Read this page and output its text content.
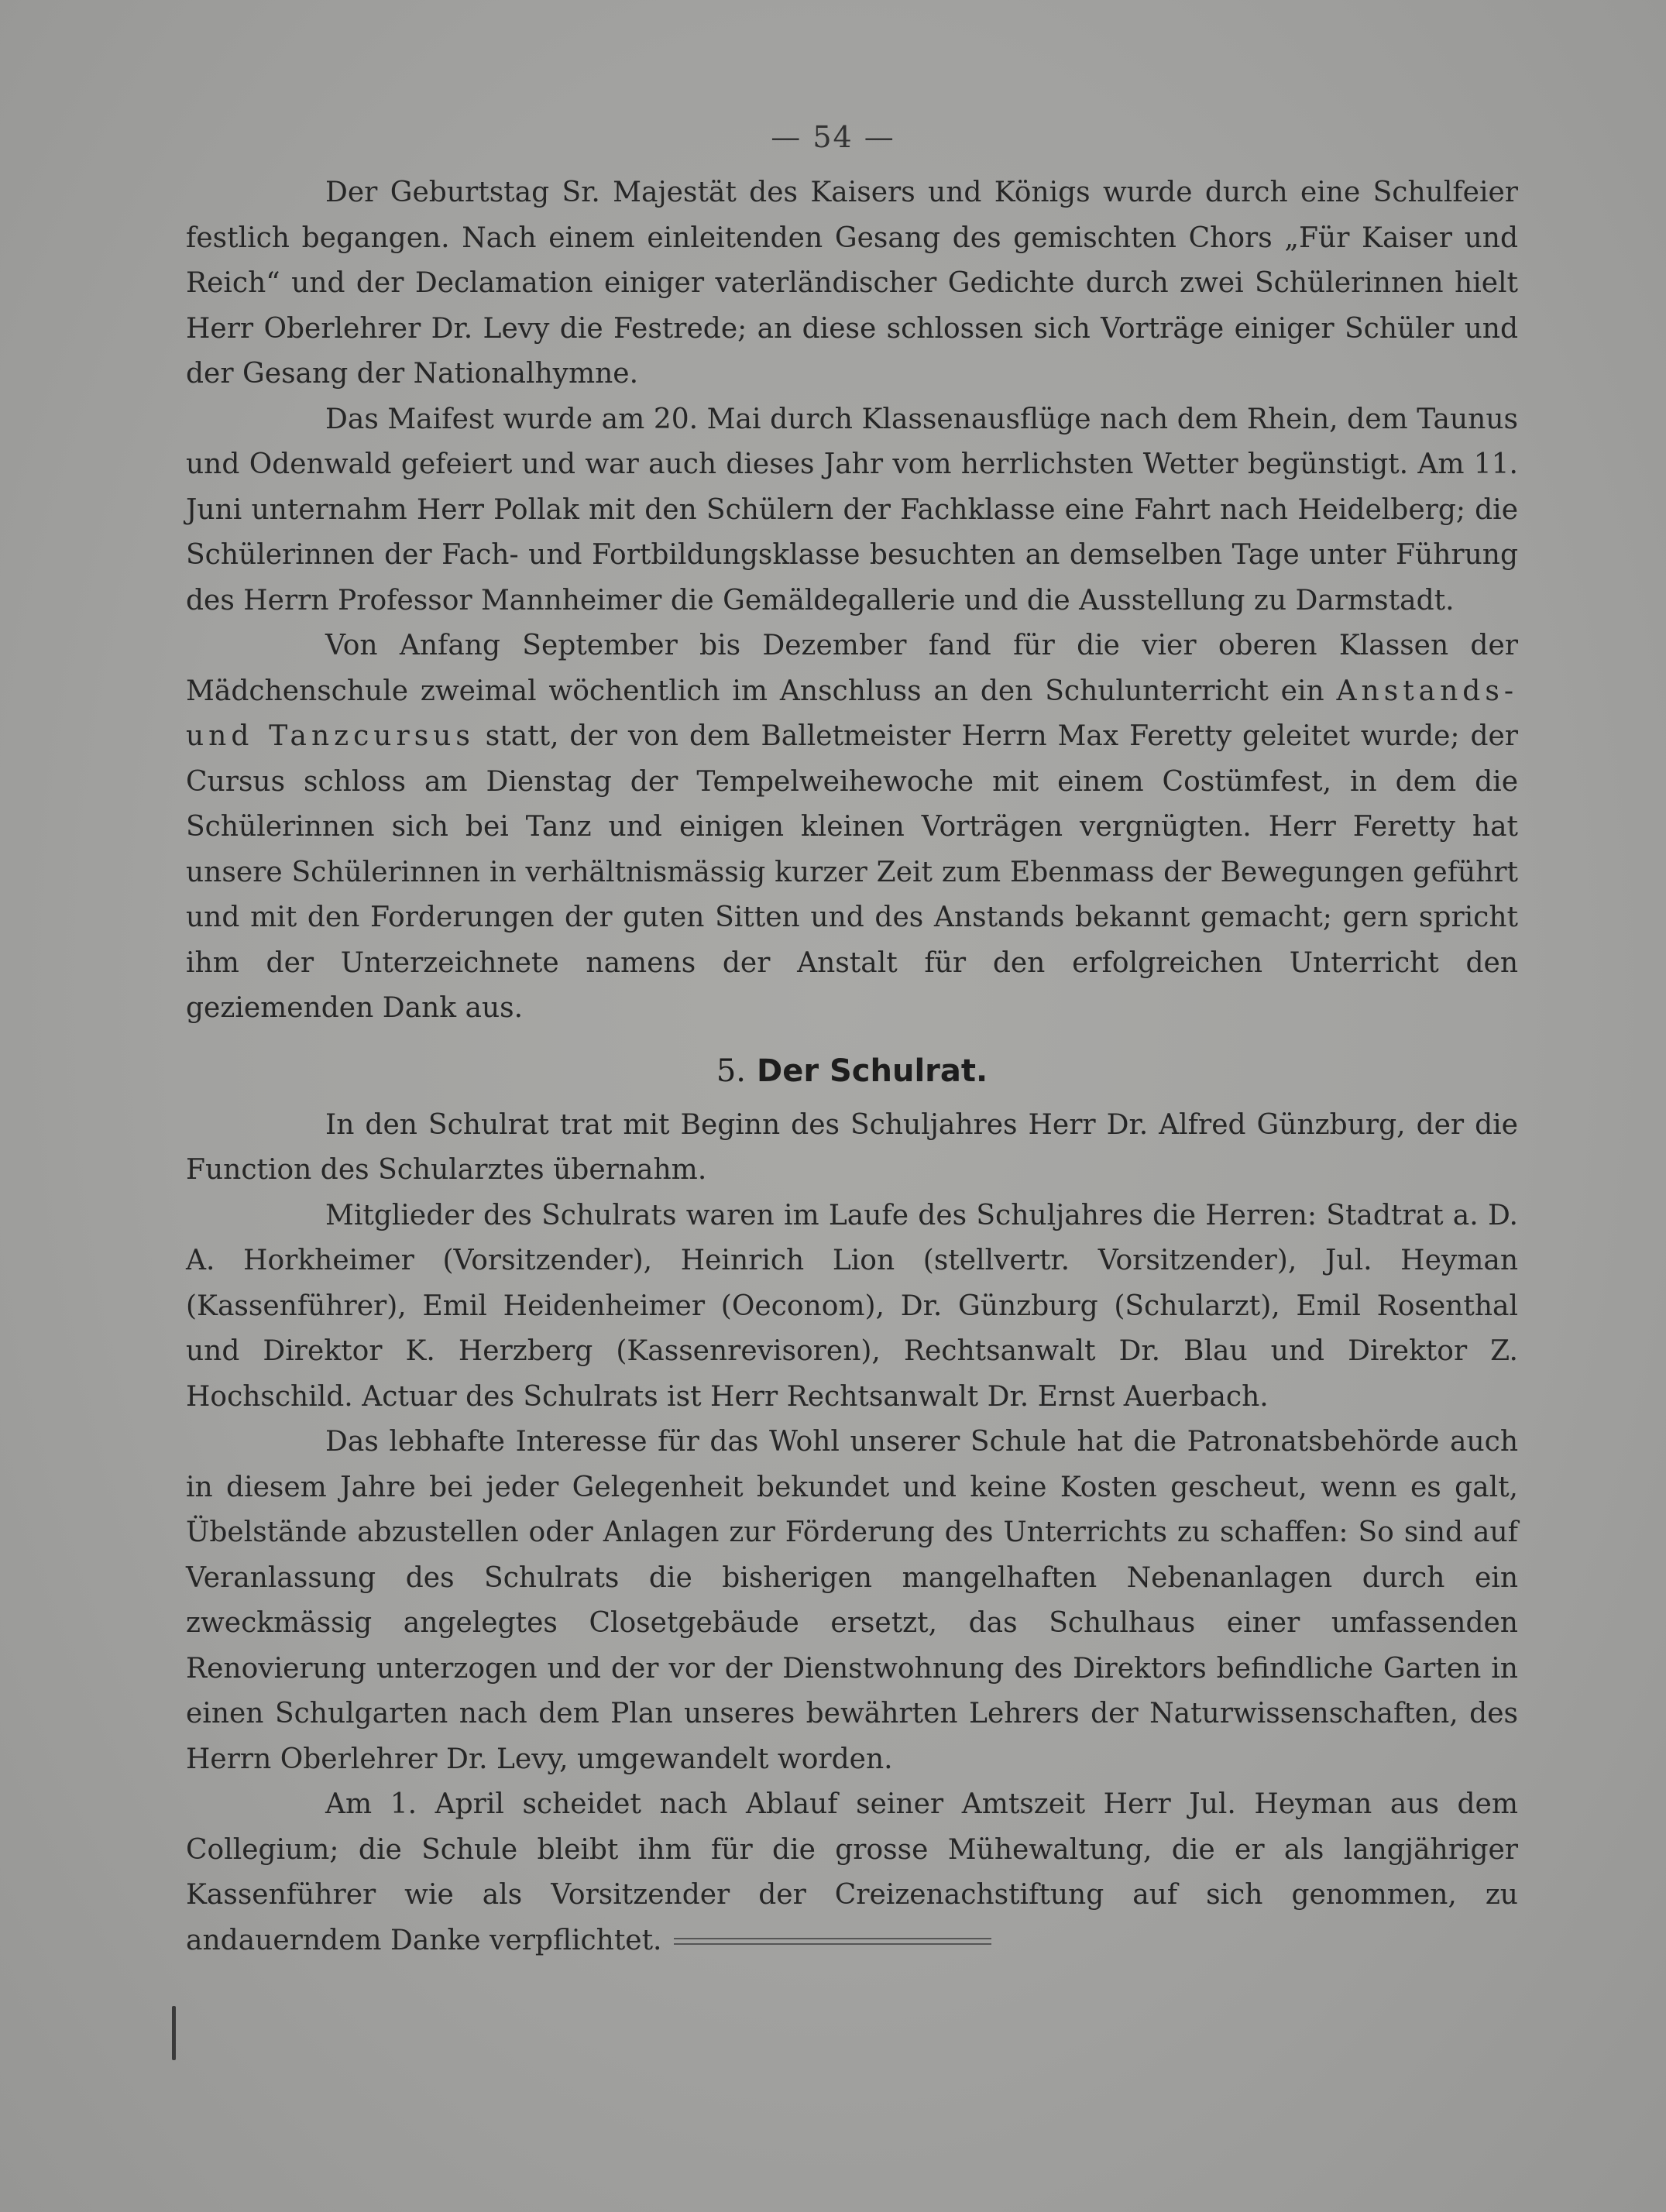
— 54 —

Der Geburtstag Sr. Majestät des Kaisers und Königs wurde durch eine Schulfeier festlich begangen. Nach einem einleitenden Gesang des gemischten Chors „Für Kaiser und Reich“ und der Declamation einiger vaterländischer Gedichte durch zwei Schülerinnen hielt Herr Oberlehrer Dr. Levy die Festrede; an diese schlossen sich Vorträge einiger Schüler und der Gesang der Nationalhymne.

Das Maifest wurde am 20. Mai durch Klassenausflüge nach dem Rhein, dem Taunus und Odenwald gefeiert und war auch dieses Jahr vom herrlichsten Wetter begünstigt. Am 11. Juni unternahm Herr Pollak mit den Schülern der Fachklasse eine Fahrt nach Heidelberg; die Schülerinnen der Fach- und Fortbildungsklasse besuchten an demselben Tage unter Führung des Herrn Professor Mannheimer die Gemäldegallerie und die Ausstellung zu Darmstadt.

Von Anfang September bis Dezember fand für die vier oberen Klassen der Mädchenschule zweimal wöchentlich im Anschluss an den Schulunterricht ein Anstands- und Tanzcursus statt, der von dem Balletmeister Herrn Max Feretty geleitet wurde; der Cursus schloss am Dienstag der Tempelweihewoche mit einem Costümfest, in dem die Schülerinnen sich bei Tanz und einigen kleinen Vorträgen vergnügten. Herr Feretty hat unsere Schülerinnen in verhältnismässig kurzer Zeit zum Ebenmass der Bewegungen geführt und mit den Forderungen der guten Sitten und des Anstands bekannt gemacht; gern spricht ihm der Unterzeichnete namens der Anstalt für den erfolgreichen Unterricht den geziemenden Dank aus.

5. Der Schulrat.

In den Schulrat trat mit Beginn des Schuljahres Herr Dr. Alfred Günzburg, der die Function des Schularztes übernahm.

Mitglieder des Schulrats waren im Laufe des Schuljahres die Herren: Stadtrat a. D. A. Horkheimer (Vorsitzender), Heinrich Lion (stellvertr. Vorsitzender), Jul. Heyman (Kassenführer), Emil Heidenheimer (Oeconom), Dr. Günzburg (Schularzt), Emil Rosenthal und Direktor K. Herzberg (Kassenrevisoren), Rechtsanwalt Dr. Blau und Direktor Z. Hochschild. Actuar des Schulrats ist Herr Rechtsanwalt Dr. Ernst Auerbach.

Das lebhafte Interesse für das Wohl unserer Schule hat die Patronatsbehörde auch in diesem Jahre bei jeder Gelegenheit bekundet und keine Kosten gescheut, wenn es galt, Übelstände abzustellen oder Anlagen zur Förderung des Unterrichts zu schaffen: So sind auf Veranlassung des Schulrats die bisherigen mangelhaften Nebenanlagen durch ein zweckmässig angelegtes Closetgebäude ersetzt, das Schulhaus einer umfassenden Renovierung unterzogen und der vor der Dienstwohnung des Direktors befindliche Garten in einen Schulgarten nach dem Plan unseres bewährten Lehrers der Naturwissenschaften, des Herrn Oberlehrer Dr. Levy, umgewandelt worden.

Am 1. April scheidet nach Ablauf seiner Amtszeit Herr Jul. Heyman aus dem Collegium; die Schule bleibt ihm für die grosse Mühewaltung, die er als langjähriger Kassenführer wie als Vorsitzender der Creizenachstiftung auf sich genommen, zu andauerndem Danke verpflichtet.
